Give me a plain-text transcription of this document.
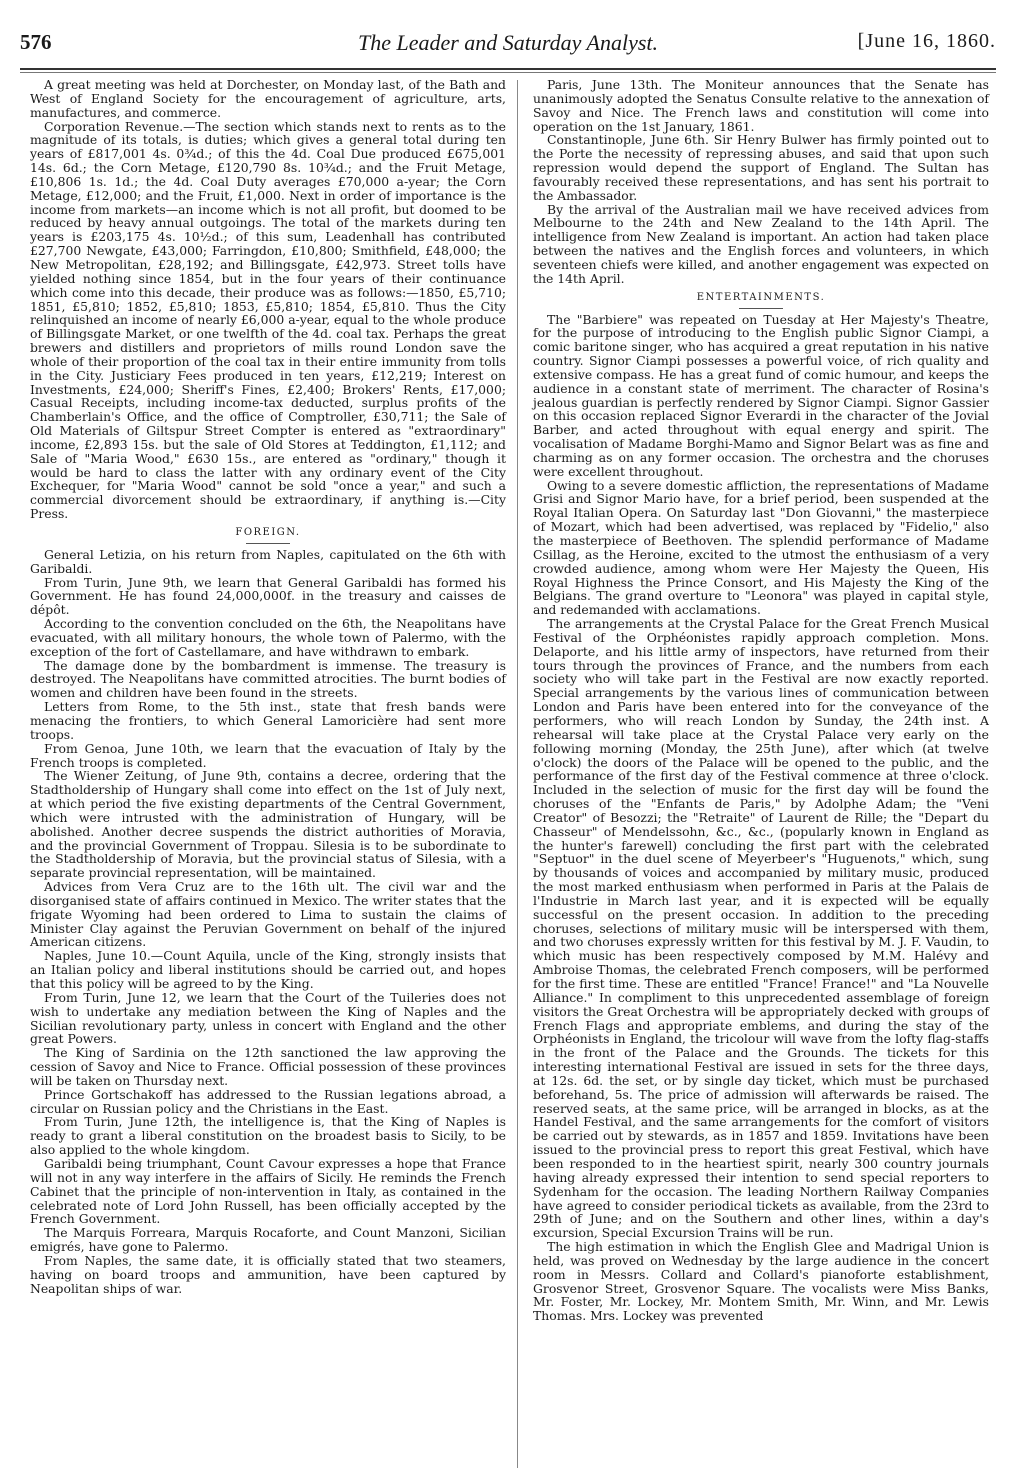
576	The Leader and Saturday Analyst.	[June 16, 1860.

A great meeting was held at Dorchester, on Monday last, of the Bath and West of England Society for the encouragement of agriculture, arts, manufactures, and commerce.

Corporation Revenue.—The section which stands next to rents as to the magnitude of its totals, is duties; which gives a general total during ten years of £817,001 4s. 0¾d.; of this the 4d. Coal Due produced £675,001 14s. 6d.; the Corn Metage, £120,790 8s. 10¾d.; and the Fruit Metage, £10,806 1s. 1d.; the 4d. Coal Duty averages £70,000 a-year; the Corn Metage, £12,000; and the Fruit, £1,000. Next in order of importance is the income from markets—an income which is not all profit, but doomed to be reduced by heavy annual outgoings. The total of the markets during ten years is £203,175 4s. 10½d.; of this sum, Leadenhall has contributed £27,700 Newgate, £43,000; Farringdon, £10,800; Smithfield, £48,000; the New Metropolitan, £28,192; and Billingsgate, £42,973. Street tolls have yielded nothing since 1854, but in the four years of their continuance which come into this decade, their produce was as follows:—1850, £5,710; 1851, £5,810; 1852, £5,810; 1853, £5,810; 1854, £5,810. Thus the City relinquished an income of nearly £6,000 a-year, equal to the whole produce of Billingsgate Market, or one twelfth of the 4d. coal tax. Perhaps the great brewers and distillers and proprietors of mills round London save the whole of their proportion of the coal tax in their entire immunity from tolls in the City. Justiciary Fees produced in ten years, £12,219; Interest on Investments, £24,000; Sheriff's Fines, £2,400; Brokers' Rents, £17,000; Casual Receipts, including income-tax deducted, surplus profits of the Chamberlain's Office, and the office of Comptroller, £30,711; the Sale of Old Materials of Giltspur Street Compter is entered as "extraordinary" income, £2,893 15s. but the sale of Old Stores at Teddington, £1,112; and Sale of "Maria Wood," £630 15s., are entered as "ordinary," though it would be hard to class the latter with any ordinary event of the City Exchequer, for "Maria Wood" cannot be sold "once a year," and such a commercial divorcement should be extraordinary, if anything is.—City Press.

FOREIGN.

General Letizia, on his return from Naples, capitulated on the 6th with Garibaldi.

From Turin, June 9th, we learn that General Garibaldi has formed his Government. He has found 24,000,000f. in the treasury and caisses de dépôt.

According to the convention concluded on the 6th, the Neapolitans have evacuated, with all military honours, the whole town of Palermo, with the exception of the fort of Castellamare, and have withdrawn to embark.

The damage done by the bombardment is immense. The treasury is destroyed. The Neapolitans have committed atrocities. The burnt bodies of women and children have been found in the streets.

Letters from Rome, to the 5th inst., state that fresh bands were menacing the frontiers, to which General Lamoricière had sent more troops.

From Genoa, June 10th, we learn that the evacuation of Italy by the French troops is completed.

The Wiener Zeitung, of June 9th, contains a decree, ordering that the Stadtholdership of Hungary shall come into effect on the 1st of July next, at which period the five existing departments of the Central Government, which were intrusted with the administration of Hungary, will be abolished. Another decree suspends the district authorities of Moravia, and the provincial Government of Troppau. Silesia is to be subordinate to the Stadtholdership of Moravia, but the provincial status of Silesia, with a separate provincial representation, will be maintained.

Advices from Vera Cruz are to the 16th ult. The civil war and the disorganised state of affairs continued in Mexico. The writer states that the frigate Wyoming had been ordered to Lima to sustain the claims of Minister Clay against the Peruvian Government on behalf of the injured American citizens.

Naples, June 10.—Count Aquila, uncle of the King, strongly insists that an Italian policy and liberal institutions should be carried out, and hopes that this policy will be agreed to by the King.

From Turin, June 12, we learn that the Court of the Tuileries does not wish to undertake any mediation between the King of Naples and the Sicilian revolutionary party, unless in concert with England and the other great Powers.

The King of Sardinia on the 12th sanctioned the law approving the cession of Savoy and Nice to France. Official possession of these provinces will be taken on Thursday next.

Prince Gortschakoff has addressed to the Russian legations abroad, a circular on Russian policy and the Christians in the East.

From Turin, June 12th, the intelligence is, that the King of Naples is ready to grant a liberal constitution on the broadest basis to Sicily, to be also applied to the whole kingdom.

Garibaldi being triumphant, Count Cavour expresses a hope that France will not in any way interfere in the affairs of Sicily. He reminds the French Cabinet that the principle of non-intervention in Italy, as contained in the celebrated note of Lord John Russell, has been officially accepted by the French Government.

The Marquis Forreara, Marquis Rocaforte, and Count Manzoni, Sicilian emigrés, have gone to Palermo.

From Naples, the same date, it is officially stated that two steamers, having on board troops and ammunition, have been captured by Neapolitan ships of war.

Paris, June 13th. The Moniteur announces that the Senate has unanimously adopted the Senatus Consulte relative to the annexation of Savoy and Nice. The French laws and constitution will come into operation on the 1st January, 1861.

Constantinople, June 6th. Sir Henry Bulwer has firmly pointed out to the Porte the necessity of repressing abuses, and said that upon such repression would depend the support of England. The Sultan has favourably received these representations, and has sent his portrait to the Ambassador.

By the arrival of the Australian mail we have received advices from Melbourne to the 24th and New Zealand to the 14th April. The intelligence from New Zealand is important. An action had taken place between the natives and the English forces and volunteers, in which seventeen chiefs were killed, and another engagement was expected on the 14th April.

ENTERTAINMENTS.

The "Barbiere" was repeated on Tuesday at Her Majesty's Theatre, for the purpose of introducing to the English public Signor Ciampi, a comic baritone singer, who has acquired a great reputation in his native country. Signor Ciampi possesses a powerful voice, of rich quality and extensive compass. He has a great fund of comic humour, and keeps the audience in a constant state of merriment. The character of Rosina's jealous guardian is perfectly rendered by Signor Ciampi. Signor Gassier on this occasion replaced Signor Everardi in the character of the Jovial Barber, and acted throughout with equal energy and spirit. The vocalisation of Madame Borghi-Mamo and Signor Belart was as fine and charming as on any former occasion. The orchestra and the choruses were excellent throughout.

Owing to a severe domestic affliction, the representations of Madame Grisi and Signor Mario have, for a brief period, been suspended at the Royal Italian Opera. On Saturday last "Don Giovanni," the masterpiece of Mozart, which had been advertised, was replaced by "Fidelio," also the masterpiece of Beethoven. The splendid performance of Madame Csillag, as the Heroine, excited to the utmost the enthusiasm of a very crowded audience, among whom were Her Majesty the Queen, His Royal Highness the Prince Consort, and His Majesty the King of the Belgians. The grand overture to "Leonora" was played in capital style, and redemanded with acclamations.

The arrangements at the Crystal Palace for the Great French Musical Festival of the Orphéonistes rapidly approach completion. Mons. Delaporte, and his little army of inspectors, have returned from their tours through the provinces of France, and the numbers from each society who will take part in the Festival are now exactly reported. Special arrangements by the various lines of communication between London and Paris have been entered into for the conveyance of the performers, who will reach London by Sunday, the 24th inst. A rehearsal will take place at the Crystal Palace very early on the following morning (Monday, the 25th June), after which (at twelve o'clock) the doors of the Palace will be opened to the public, and the performance of the first day of the Festival commence at three o'clock. Included in the selection of music for the first day will be found the choruses of the "Enfants de Paris," by Adolphe Adam; the "Veni Creator" of Besozzi; the "Retraite" of Laurent de Rille; the "Depart du Chasseur" of Mendelssohn, &c., &c., (popularly known in England as the hunter's farewell) concluding the first part with the celebrated "Septuor" in the duel scene of Meyerbeer's "Huguenots," which, sung by thousands of voices and accompanied by military music, produced the most marked enthusiasm when performed in Paris at the Palais de l'Industrie in March last year, and it is expected will be equally successful on the present occasion. In addition to the preceding choruses, selections of military music will be interspersed with them, and two choruses expressly written for this festival by M. J. F. Vaudin, to which music has been respectively composed by M.M. Halévy and Ambroise Thomas, the celebrated French composers, will be performed for the first time. These are entitled "France! France!" and "La Nouvelle Alliance." In compliment to this unprecedented assemblage of foreign visitors the Great Orchestra will be appropriately decked with groups of French Flags and appropriate emblems, and during the stay of the Orphéonists in England, the tricolour will wave from the lofty flag-staffs in the front of the Palace and the Grounds. The tickets for this interesting international Festival are issued in sets for the three days, at 12s. 6d. the set, or by single day ticket, which must be purchased beforehand, 5s. The price of admission will afterwards be raised. The reserved seats, at the same price, will be arranged in blocks, as at the Handel Festival, and the same arrangements for the comfort of visitors be carried out by stewards, as in 1857 and 1859. Invitations have been issued to the provincial press to report this great Festival, which have been responded to in the heartiest spirit, nearly 300 country journals having already expressed their intention to send special reporters to Sydenham for the occasion. The leading Northern Railway Companies have agreed to consider periodical tickets as available, from the 23rd to 29th of June; and on the Southern and other lines, within a day's excursion, Special Excursion Trains will be run.

The high estimation in which the English Glee and Madrigal Union is held, was proved on Wednesday by the large audience in the concert room in Messrs. Collard and Collard's pianoforte establishment, Grosvenor Street, Grosvenor Square. The vocalists were Miss Banks, Mr. Foster, Mr. Lockey, Mr. Montem Smith, Mr. Winn, and Mr. Lewis Thomas. Mrs. Lockey was prevented
